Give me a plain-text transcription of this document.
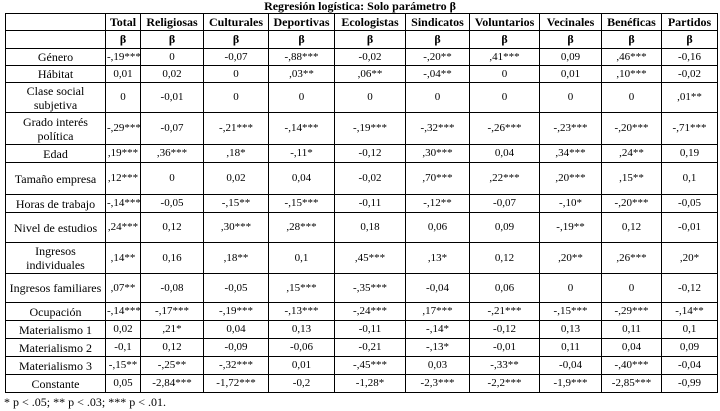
Regresión logística: Solo parámetro β
	Total	Religiosas	Culturales	Deportivas	Ecologistas	Sindicatos	Voluntarios	Vecinales	Benéficas	Partidos
	β	β	β	β	β	β	β	β	β	β
Género	-,19***	0	-0,07	-,88***	-0,02	-,20**	,41***	0,09	,46***	-0,16
Hábitat	0,01	0,02	0	,03**	,06**	-,04**	0	0,01	,10***	-0,02
Clase social subjetiva	0	-0,01	0	0	0	0	0	0	0	,01**
Grado interés política	-,29***	-0,07	-,21***	-,14***	-,19***	-,32***	-,26***	-,23***	-,20***	-,71***
Edad	,19***	,36***	,18*	-,11*	-0,12	,30***	0,04	,34***	,24**	0,19
Tamaño empresa	,12***	0	0,02	0,04	-0,02	,70***	,22***	,20***	,15**	0,1
Horas de trabajo	-,14***	-0,05	-,15**	-,15***	-0,11	-,12**	-0,07	-,10*	-,20***	-0,05
Nivel de estudios	,24***	0,12	,30***	,28***	0,18	0,06	0,09	-,19**	0,12	-0,01
Ingresos individuales	,14**	0,16	,18**	0,1	,45***	,13*	0,12	,20**	,26***	,20*
Ingresos familiares	,07**	-0,08	-0,05	,15***	-,35***	-0,04	0,06	0	0	-0,12
Ocupación	-,14***	-,17***	-,19***	-,13***	-,24***	,17***	-,21***	-,15***	-,29***	-,14**
Materialismo 1	0,02	,21*	0,04	0,13	-0,11	-,14*	-0,12	0,13	0,11	0,1
Materialismo 2	-0,1	0,12	-0,09	-0,06	-0,21	-,13*	-0,01	0,11	0,04	0,09
Materialismo 3	-,15**	-,25**	-,32***	0,01	-,45***	0,03	-,33**	-0,04	-,40***	-0,04
Constante	0,05	-2,84***	-1,72***	-0,2	-1,28*	-2,3***	-2,2***	-1,9***	-2,85***	-0,99
* p < .05; ** p < .03; *** p < .01.
